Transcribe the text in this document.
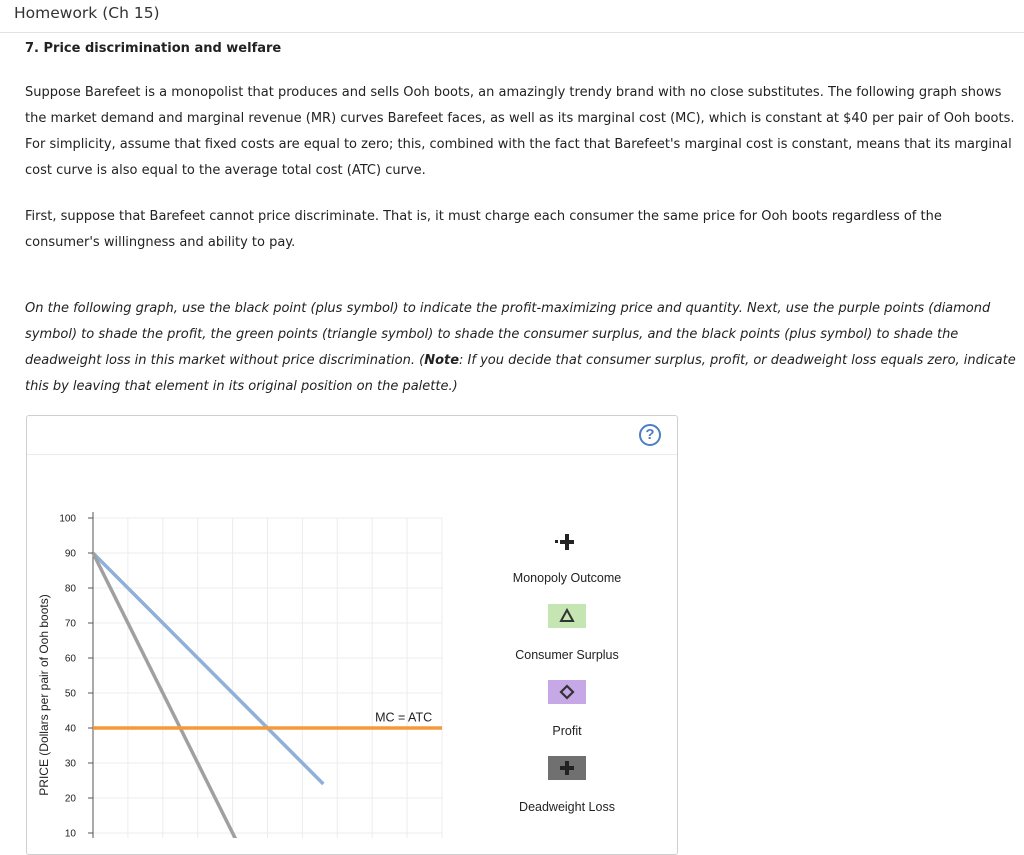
Homework (Ch 15)
7. Price discrimination and welfare

Suppose Barefeet is a monopolist that produces and sells Ooh boots, an amazingly trendy brand with no close substitutes. The following graph shows the market demand and marginal revenue (MR) curves Barefeet faces, as well as its marginal cost (MC), which is constant at $40 per pair of Ooh boots. For simplicity, assume that fixed costs are equal to zero; this, combined with the fact that Barefeet's marginal cost is constant, means that its marginal cost curve is also equal to the average total cost (ATC) curve.

First, suppose that Barefeet cannot price discriminate. That is, it must charge each consumer the same price for Ooh boots regardless of the consumer's willingness and ability to pay.

On the following graph, use the black point (plus symbol) to indicate the profit-maximizing price and quantity. Next, use the purple points (diamond symbol) to shade the profit, the green points (triangle symbol) to shade the consumer surplus, and the black points (plus symbol) to shade the deadweight loss in this market without price discrimination. (Note: If you decide that consumer surplus, profit, or deadweight loss equals zero, indicate this by leaving that element in its original position on the palette.)

?
100
90
80
70
60
50
40
30
20
10
MC = ATC
PRICE (Dollars per pair of Ooh boots)
Monopoly Outcome
Consumer Surplus
Profit
Deadweight Loss
